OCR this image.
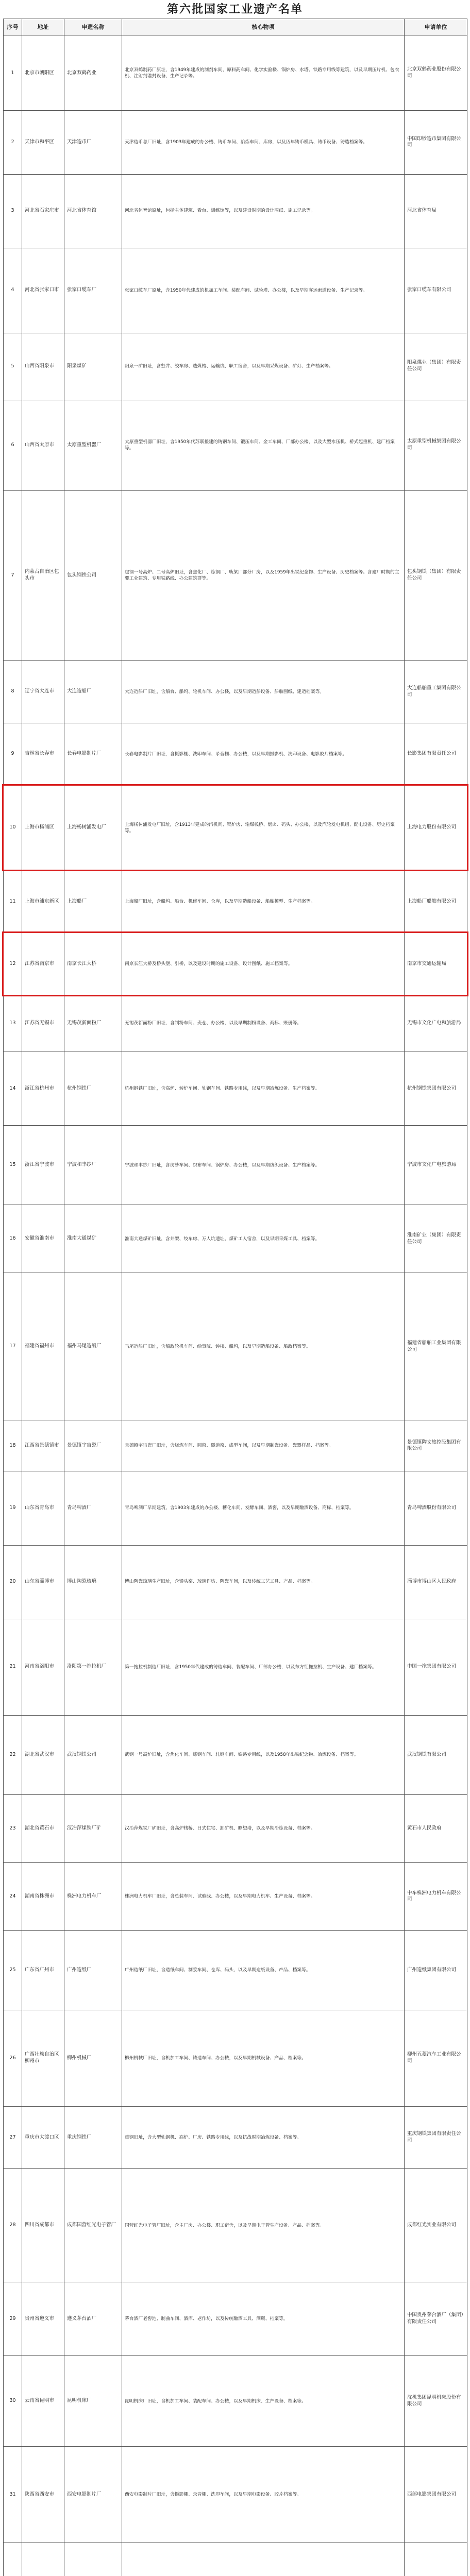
第六批国家工业遗产名单
序号	地址	申遗名称	核心物项	申请单位
1	北京市朝阳区	北京双鹤药业	北京双鹤制药厂原址，含1949年建成的制剂车间、原料药车间、化学实验楼、锅炉房、水塔、铁路专用线等建筑，以及早期压片机、包衣机、注射剂灌封设备、生产记录等。	北京双鹤药业股份有限公司
2	天津市和平区	天津造币厂	天津造币总厂旧址，含1903年建成的办公楼、铸币车间、冶炼车间、库房，以及历年铸币模具、铸币设备、铸造档案等。	中国印钞造币集团有限公司
3	河北省石家庄市	河北省体育馆	河北省体育馆原址，包括主体建筑、看台、训练馆等，以及建设时期的设计图纸、施工记录等。	河北省体育局
4	河北省张家口市	张家口缆车厂	张家口缆车厂原址，含1950年代建成的机加工车间、装配车间、试验塔、办公楼，以及早期客运索道设备、生产记录等。	张家口缆车有限公司
5	山西省阳泉市	阳泉煤矿	阳泉一矿旧址，含竖井、绞车房、选煤楼、运输线、职工宿舍，以及早期采煤设备、矿灯、生产档案等。	阳泉煤业（集团）有限责任公司
6	山西省太原市	太原重型机器厂	太原重型机器厂旧址，含1950年代苏联援建的铸钢车间、锻压车间、金工车间、厂部办公楼，以及大型水压机、桥式起重机、建厂档案等。	太原重型机械集团有限公司
7	内蒙古自治区包头市	包头钢铁公司	包钢一号高炉、二号高炉旧址，含焦化厂、炼钢厂、轨梁厂部分厂房，以及1959年出铁纪念物、生产设备、历史档案等。含建厂时期的主要工业建筑、专用铁路线、办公建筑群等。	包头钢铁（集团）有限责任公司
8	辽宁省大连市	大连造船厂	大连造船厂旧址，含船台、船坞、轮机车间、办公楼，以及早期造船设备、船舶图纸、建造档案等。	大连船舶重工集团有限公司
9	吉林省长春市	长春电影制片厂	长春电影制片厂旧址，含摄影棚、洗印车间、录音棚、办公楼，以及早期摄影机、洗印设备、电影胶片档案等。	长影集团有限责任公司
10	上海市杨浦区	上海杨树浦发电厂	上海杨树浦发电厂旧址，含1913年建成的汽机间、锅炉房、输煤栈桥、烟囱、码头、办公楼，以及汽轮发电机组、配电设备、历史档案等。	上海电力股份有限公司
11	上海市浦东新区	上海船厂	上海船厂旧址，含船坞、船台、机修车间、仓库，以及早期造船设备、船舶模型、生产档案等。	上海船厂船舶有限公司
12	江苏省南京市	南京长江大桥	南京长江大桥及桥头堡、引桥，以及建设时期的施工设备、设计图纸、施工档案等。	南京市交通运输局
13	江苏省无锡市	无锡茂新面粉厂	无锡茂新面粉厂旧址，含制粉车间、麦仓、办公楼，以及早期制粉设备、商标、账册等。	无锡市文化广电和旅游局
14	浙江省杭州市	杭州钢铁厂	杭州钢铁厂旧址，含高炉、转炉车间、轧钢车间、铁路专用线，以及早期冶炼设备、生产档案等。	杭州钢铁集团有限公司
15	浙江省宁波市	宁波和丰纱厂	宁波和丰纱厂旧址，含纺纱车间、织布车间、锅炉房、办公楼，以及早期纺织设备、生产档案等。	宁波市文化广电旅游局
16	安徽省淮南市	淮南大通煤矿	淮南大通煤矿旧址，含井架、绞车房、万人坑遗址、煤矿工人宿舍，以及早期采煤工具、档案等。	淮南矿业（集团）有限责任公司
17	福建省福州市	福州马尾造船厂	马尾造船厂旧址，含船政轮机车间、绘事院、钟楼、船坞，以及早期造船设备、船政档案等。	福建省船舶工业集团有限公司
18	江西省景德镇市	景德镇宇宙瓷厂	景德镇宇宙瓷厂旧址，含烧炼车间、圆窑、隧道窑、成型车间，以及早期制瓷设备、瓷器样品、档案等。	景德镇陶文旅控股集团有限公司
19	山东省青岛市	青岛啤酒厂	青岛啤酒厂早期建筑，含1903年建成的办公楼、糖化车间、发酵车间、酒窖，以及早期酿酒设备、商标、档案等。	青岛啤酒股份有限公司
20	山东省淄博市	博山陶瓷琉璃	博山陶瓷琉璃生产旧址，含馒头窑、琉璃作坊、陶瓷车间，以及传统工艺工具、产品、档案等。	淄博市博山区人民政府
21	河南省洛阳市	洛阳第一拖拉机厂	第一拖拉机制造厂旧址，含1950年代建成的铸造车间、装配车间、厂部办公楼，以及东方红拖拉机、生产设备、建厂档案等。	中国一拖集团有限公司
22	湖北省武汉市	武汉钢铁公司	武钢一号高炉旧址，含焦化车间、炼钢车间、轧钢车间、铁路专用线，以及1958年出铁纪念物、冶炼设备、档案等。	武汉钢铁有限公司
23	湖北省黄石市	汉冶萍煤铁厂矿	汉冶萍煤铁厂矿旧址，含高炉栈桥、日式住宅、卸矿机、瞭望塔，以及早期冶炼设备、档案等。	黄石市人民政府
24	湖南省株洲市	株洲电力机车厂	株洲电力机车厂旧址，含总装车间、试验线、办公楼，以及早期电力机车、生产设备、档案等。	中车株洲电力机车有限公司
25	广东省广州市	广州造纸厂	广州造纸厂旧址，含造纸车间、制浆车间、仓库、码头，以及早期造纸设备、产品、档案等。	广州造纸集团有限公司
26	广西壮族自治区柳州市	柳州机械厂	柳州机械厂旧址，含机加工车间、铸造车间、办公楼，以及早期机械设备、产品、档案等。	柳州五菱汽车工业有限公司
27	重庆市大渡口区	重庆钢铁厂	重钢旧址，含大型轧钢机、高炉、厂房、铁路专用线，以及抗战时期冶炼设备、档案等。	重庆钢铁集团有限责任公司
28	四川省成都市	成都国营红光电子管厂	国营红光电子管厂旧址，含主厂房、办公楼、职工宿舍，以及早期电子管生产设备、产品、档案等。	成都红光实业有限公司
29	贵州省遵义市	遵义茅台酒厂	茅台酒厂老窖池、制曲车间、酒库、老作坊，以及传统酿酒工具、酒瓶、档案等。	中国贵州茅台酒厂（集团）有限责任公司
30	云南省昆明市	昆明机床厂	昆明机床厂旧址，含机加工车间、装配车间、办公楼，以及早期机床、生产设备、档案等。	沈机集团昆明机床股份有限公司
31	陕西省西安市	西安电影制片厂	西安电影制片厂旧址，含摄影棚、录音棚、洗印车间，以及早期电影设备、胶片档案等。	西部电影集团有限公司
